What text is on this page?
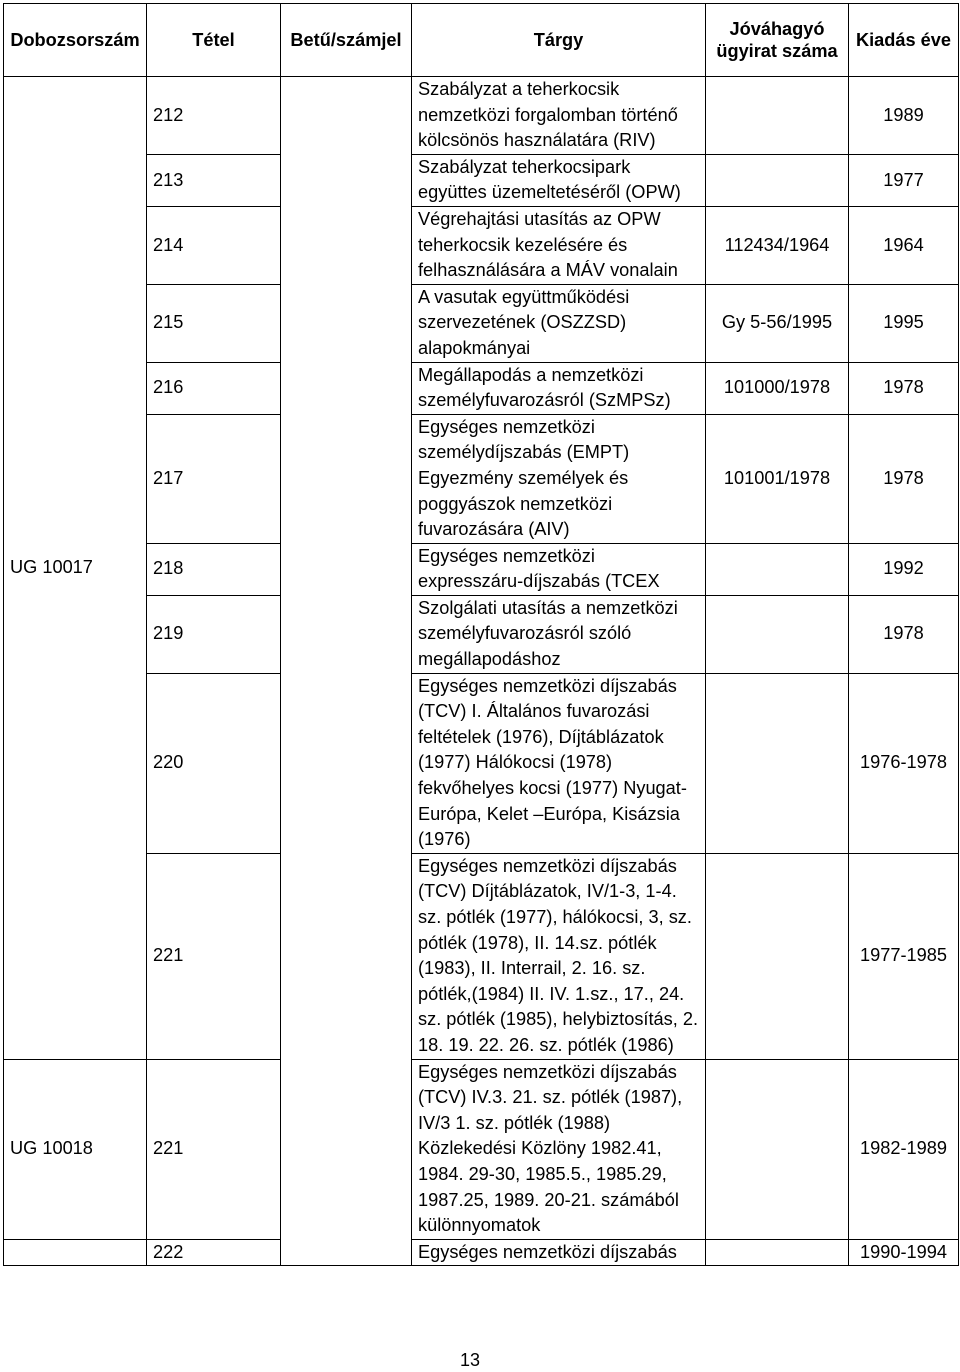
Dobozsorszám	Tétel	Betű/számjel	Tárgy	Jóváhagyó ügyirat száma	Kiadás éve
UG 10017	212		Szabályzat a teherkocsik nemzetközi forgalomban történő kölcsönös használatára (RIV)		1989
	213		Szabályzat teherkocsipark együttes üzemeltetéséről (OPW)		1977
	214		Végrehajtási utasítás az OPW teherkocsik kezelésére és felhasználására a MÁV vonalain	112434/1964	1964
	215		A vasutak együttműködési szervezetének (OSZZSD) alapokmányai	Gy 5-56/1995	1995
	216		Megállapodás a nemzetközi személyfuvarozásról (SzMPSz)	101000/1978	1978
	217		Egységes nemzetközi személydíjszabás (EMPT) Egyezmény személyek és poggyászok nemzetközi fuvarozására (AIV)	101001/1978	1978
	218		Egységes nemzetközi expresszáru-díjszabás (TCEX		1992
	219		Szolgálati utasítás a nemzetközi személyfuvarozásról szóló megállapodáshoz		1978
	220		Egységes nemzetközi díjszabás (TCV) I. Általános fuvarozási feltételek (1976), Díjtáblázatok (1977) Hálókocsi (1978) fekvőhelyes kocsi (1977) Nyugat-Európa, Kelet –Európa, Kisázsia (1976)		1976-1978
	221		Egységes nemzetközi díjszabás (TCV) Díjtáblázatok, IV/1-3, 1-4. sz. pótlék (1977), hálókocsi, 3, sz. pótlék (1978), II. 14.sz. pótlék (1983), II. Interrail, 2. 16. sz. pótlék,(1984) II. IV. 1.sz., 17., 24. sz. pótlék (1985), helybiztosítás, 2. 18. 19. 22. 26. sz. pótlék (1986)		1977-1985
UG 10018	221		Egységes nemzetközi díjszabás (TCV) IV.3. 21. sz. pótlék (1987), IV/3 1. sz. pótlék (1988) Közlekedési Közlöny 1982.41, 1984. 29-30, 1985.5., 1985.29, 1987.25, 1989. 20-21. számából különnyomatok		1982-1989
	222		Egységes nemzetközi díjszabás		1990-1994
13
